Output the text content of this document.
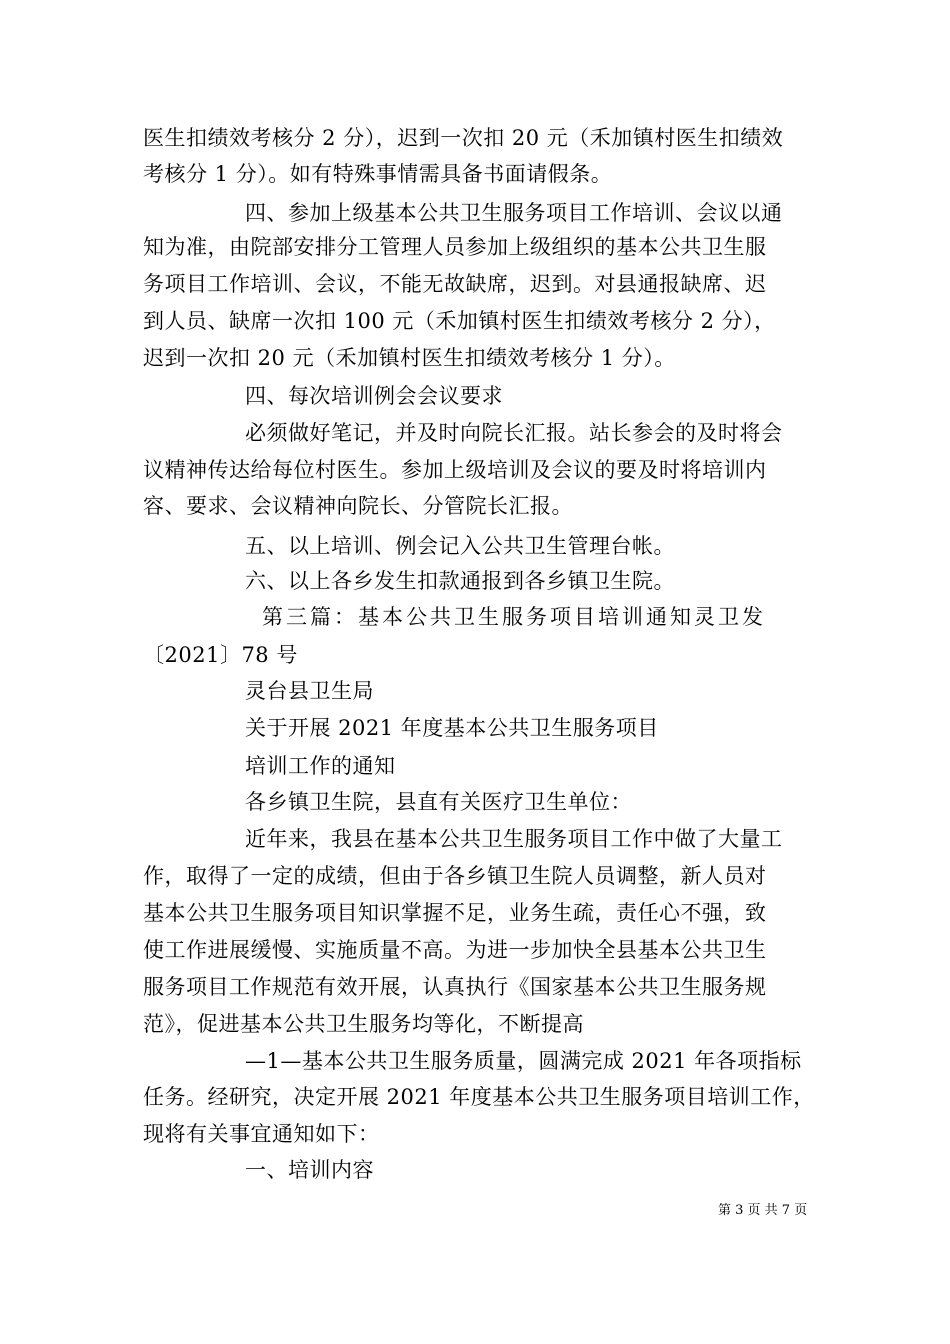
医生扣绩效考核分 2 分），迟到一次扣 20 元（禾加镇村医生扣绩效
考核分 1 分）。如有特殊事情需具备书面请假条。
四、参加上级基本公共卫生服务项目工作培训、会议以通
知为准，由院部安排分工管理人员参加上级组织的基本公共卫生服
务项目工作培训、会议，不能无故缺席，迟到。对县通报缺席、迟
到人员、缺席一次扣 100 元（禾加镇村医生扣绩效考核分 2 分），
迟到一次扣 20 元（禾加镇村医生扣绩效考核分 1 分）。
四、每次培训例会会议要求
必须做好笔记，并及时向院长汇报。站长参会的及时将会
议精神传达给每位村医生。参加上级培训及会议的要及时将培训内
容、要求、会议精神向院长、分管院长汇报。
五、以上培训、例会记入公共卫生管理台帐。
六、以上各乡发生扣款通报到各乡镇卫生院。
第三篇：基本公共卫生服务项目培训通知灵卫发
〔2021〕78 号
灵台县卫生局
关于开展 2021 年度基本公共卫生服务项目
培训工作的通知
各乡镇卫生院，县直有关医疗卫生单位：
近年来，我县在基本公共卫生服务项目工作中做了大量工
作，取得了一定的成绩，但由于各乡镇卫生院人员调整，新人员对
基本公共卫生服务项目知识掌握不足，业务生疏，责任心不强，致
使工作进展缓慢、实施质量不高。为进一步加快全县基本公共卫生
服务项目工作规范有效开展，认真执行《国家基本公共卫生服务规
范》，促进基本公共卫生服务均等化，不断提高
—1—基本公共卫生服务质量，圆满完成 2021 年各项指标
任务。经研究，决定开展 2021 年度基本公共卫生服务项目培训工作，
现将有关事宜通知如下：
一、培训内容
第 3 页 共 7 页
